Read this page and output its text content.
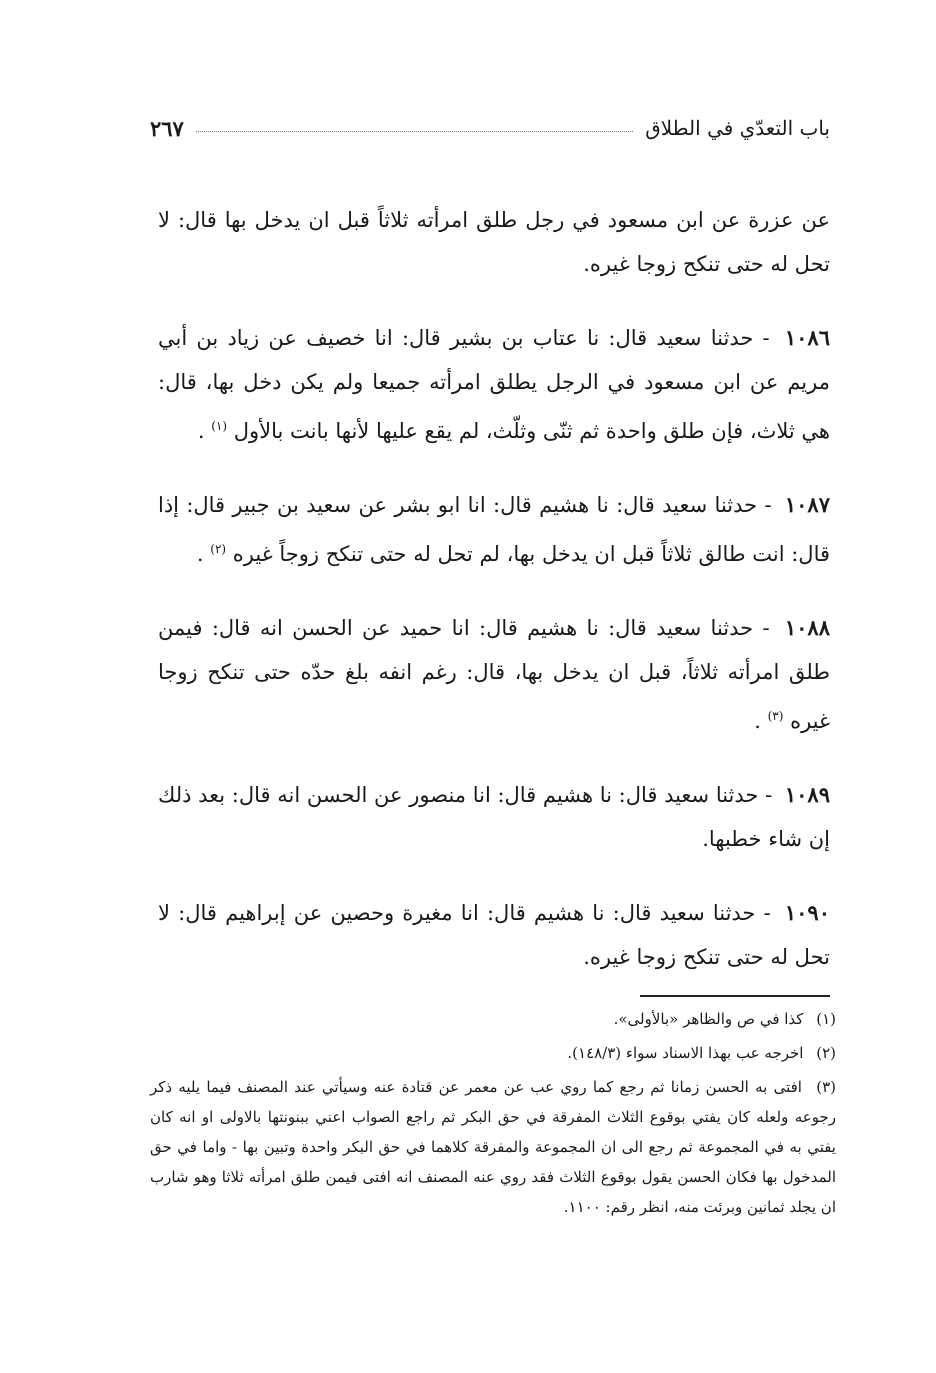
باب التعدّي في الطلاق
٢٦٧

عن عزرة عن ابن مسعود في رجل طلق امرأته ثلاثاً قبل ان يدخل بها قال: لا تحل له حتى تنكح زوجا غيره.

١٠٨٦ - حدثنا سعيد قال: نا عتاب بن بشير قال: انا خصيف عن زياد بن أبي مريم عن ابن مسعود في الرجل يطلق امرأته جميعا ولم يكن دخل بها، قال: هي ثلاث، فإن طلق واحدة ثم ثنّى وثلّث، لم يقع عليها لأنها بانت بالأول $^{(١)}$ .

١٠٨٧ - حدثنا سعيد قال: نا هشيم قال: انا ابو بشر عن سعيد بن جبير قال: إذا قال: انت طالق ثلاثاً قبل ان يدخل بها، لم تحل له حتى تنكح زوجاً غيره $^{(٢)}$ .

١٠٨٨ - حدثنا سعيد قال: نا هشيم قال: انا حميد عن الحسن انه قال: فيمن طلق امرأته ثلاثاً، قبل ان يدخل بها، قال: رغم انفه بلغ حدّه حتى تنكح زوجا غيره $^{(٣)}$ .

١٠٨٩ - حدثنا سعيد قال: نا هشيم قال: انا منصور عن الحسن انه قال: بعد ذلك إن شاء خطبها.

١٠٩٠ - حدثنا سعيد قال: نا هشيم قال: انا مغيرة وحصين عن إبراهيم قال: لا تحل له حتى تنكح زوجا غيره.

(١) كذا في ص والظاهر «بالأولى».

(٢) اخرجه عب بهذا الاسناد سواء (١٤٨/٣).

(٣) افتى به الحسن زمانا ثم رجع كما روي عب عن معمر عن قتادة عنه وسيأتي عند المصنف فيما يليه ذكر رجوعه ولعله كان يفتي بوقوع الثلاث المفرقة في حق البكر ثم راجع الصواب اعني ببنونتها بالاولى او انه كان يفتي به في المجموعة ثم رجع الى ان المجموعة والمفرقة كلاهما في حق البكر واحدة وتبين بها - واما في حق المدخول بها فكان الحسن يقول بوقوع الثلاث فقد روي عنه المصنف انه افتى فيمن طلق امرأته ثلاثا وهو شارب ان يجلد ثمانين وبرئت منه، انظر رقم: ١١٠٠.
